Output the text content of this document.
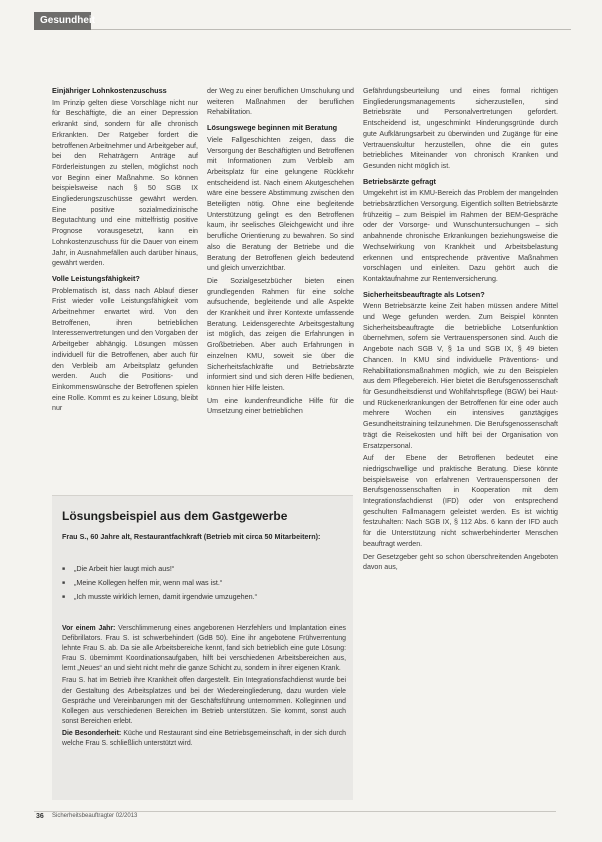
Gesundheit
Einjähriger Lohnkostenzuschuss

Im Prinzip gelten diese Vorschläge nicht nur für Beschäftigte, die an einer Depression erkrankt sind, sondern für alle chronisch Erkrankten. Der Ratgeber fordert die betroffenen Arbeitnehmer und Arbeitgeber auf, bei den Rehaträgern Anträge auf Förderleistungen zu stellen, möglichst noch vor Beginn einer Maßnahme. So können beispielsweise nach § 50 SGB IX Eingliederungszuschüsse gewährt werden. Eine positive sozialmedizinische Begutachtung und eine mittelfristig positive Prognose vorausgesetzt, kann ein Lohnkostenzuschuss für die Dauer von einem Jahr, in Ausnahmefällen auch darüber hinaus, gewährt werden.

Volle Leistungsfähigkeit?

Problematisch ist, dass nach Ablauf dieser Frist wieder volle Leistungsfähigkeit vom Arbeitnehmer erwartet wird. Von den Betroffenen, ihren betrieblichen Interessenvertretungen und den Vorgaben der Arbeitgeber abhängig. Lösungen müssen individuell für die Betroffenen, aber auch für den Verbleib am Arbeitsplatz gefunden werden. Auch die Positions- und Einkommenswünsche der Betroffenen spielen eine Rolle. Kommt es zu keiner Lösung, bleibt nur

der Weg zu einer beruflichen Umschulung und weiteren Maßnahmen der beruflichen Rehabilitation.

Lösungswege beginnen mit Beratung

Viele Fallgeschichten zeigen, dass die Versorgung der Beschäftigten und Betroffenen mit Informationen zum Verbleib am Arbeitsplatz für eine gelungene Rückkehr entscheidend ist. Nach einem Akutgeschehen wäre eine bessere Abstimmung zwischen den Beteiligten nötig. Ohne eine begleitende Unterstützung gelingt es den Betroffenen kaum, ihr seelisches Gleichgewicht und ihre berufliche Orientierung zu bewahren. So sind also die Beratung der Betriebe und die Beratung der Betroffenen gleich bedeutend und gleich unverzichtbar.

Die Sozialgesetzbücher bieten einen grundlegenden Rahmen für eine solche aufsuchende, begleitende und alle Aspekte der Krankheit und ihrer Kontexte umfassende Beratung. Leidensgerechte Arbeitsgestaltung ist möglich, das zeigen die Erfahrungen in Großbetrieben. Aber auch Erfahrungen in einzelnen KMU, soweit sie über die Sicherheitsfachkräfte und Betriebsärzte informiert sind und sich deren Hilfe bedienen, können hier Hilfe leisten.

Um eine kundenfreundliche Hilfe für die Umsetzung einer betrieblichen

Gefährdungsbeurteilung und eines formal richtigen Eingliederungsmanagements sicherzustellen, sind Betriebsräte und Personalvertretungen gefordert. Entscheidend ist, ungeschminkt Hinderungsgründe durch gute Aufklärungsarbeit zu überwinden und Zugänge für eine Vertrauenskultur herzustellen, ohne die ein gutes betriebliches Miteinander von chronisch Kranken und Gesunden nicht möglich ist.

Betriebsärzte gefragt

Umgekehrt ist im KMU-Bereich das Problem der mangelnden betriebsärztlichen Versorgung. Eigentlich sollten Betriebsärzte frühzeitig – zum Beispiel im Rahmen der BEM-Gespräche oder der Vorsorge- und Wunschuntersuchungen – sich anbahnende chronische Erkrankungen beziehungsweise die Wechselwirkung von Krankheit und Arbeitsbelastung erkennen und entsprechende präventive Maßnahmen vorschlagen und einleiten. Dazu gehört auch die Kontaktaufnahme zur Rentenversicherung.

Sicherheitsbeauftragte als Lotsen?

Wenn Betriebsärzte keine Zeit haben müssen andere Mittel und Wege gefunden werden. Zum Beispiel könnten Sicherheitsbeauftragte die betriebliche Lotsenfunktion übernehmen, sofern sie Vertrauenspersonen sind. Auch die Angebote nach SGB V, § 1a und SGB IX, § 49 bieten Chancen. In KMU sind individuelle Präventions- und Rehabilitationsmaßnahmen möglich, wie zu den Beispielen aus dem Pflegebereich. Hier bietet die Berufsgenossenschaft für Gesundheitsdienst und Wohlfahrtspflege (BGW) bei Haut- und Rückenerkrankungen der Betroffenen für eine oder auch mehrere Wochen ein intensives ganztägiges Gesundheitstraining teilzunehmen. Die Berufsgenossenschaft trägt die Reisekosten und hilft bei der Organisation von Ersatzpersonal.

Auf der Ebene der Betroffenen bedeutet eine niedrigschwellige und praktische Beratung. Diese könnte beispielsweise von erfahrenen Vertrauenspersonen der Berufsgenossenschaften in Kooperation mit dem Integrationsfachdienst (IFD) oder von entsprechend geschulten Fallmanagern geleistet werden. Es ist wichtig festzuhalten: Nach SGB IX, § 112 Abs. 6 kann der IFD auch für die Unterstützung nicht schwerbehinderter Menschen beauftragt werden.

Der Gesetzgeber geht so schon überschreitenden Angeboten davon aus,

Lösungsbeispiel aus dem Gastgewerbe
Frau S., 60 Jahre alt, Restaurantfachkraft (Betrieb mit circa 50 Mitarbeitern):
■ „Die Arbeit hier laugt mich aus!“
■ „Meine Kollegen helfen mir, wenn mal was ist.“
■ „Ich musste wirklich lernen, damit irgendwie umzugehen.“

Vor einem Jahr: Verschlimmerung eines angeborenen Herzfehlers und Implantation eines Defibrillators. Frau S. ist schwerbehindert (GdB 50). Eine ihr angebotene Frühverrentung lehnte Frau S. ab. Da sie alle Arbeitsbereiche kennt, fand sich betrieblich eine gute Lösung: Frau S. übernimmt Koordinationsaufgaben, hilft bei verschiedenen Arbeitsbereichen aus, lernt „Neues“ an und sieht nicht mehr die ganze Schicht zu, sondern in ihrer eigenen Krank.

Frau S. hat im Betrieb ihre Krankheit offen dargestellt. Ein Integrationsfachdienst wurde bei der Gestaltung des Arbeitsplatzes und bei der Wiedereingliederung, dazu wurden viele Gespräche und Vereinbarungen mit der Geschäftsführung unternommen. Kolleginnen und Kollegen aus verschiedenen Bereichen im Betrieb unterstützen. Sie kommt, sonst auch sonst Bereichen erlebt.

Die Besonderheit: Küche und Restaurant sind eine Betriebsgemeinschaft, in der sich durch welche Frau S. schließlich unterstützt wird.

36 Sicherheitsbeauftragter 02/2013
